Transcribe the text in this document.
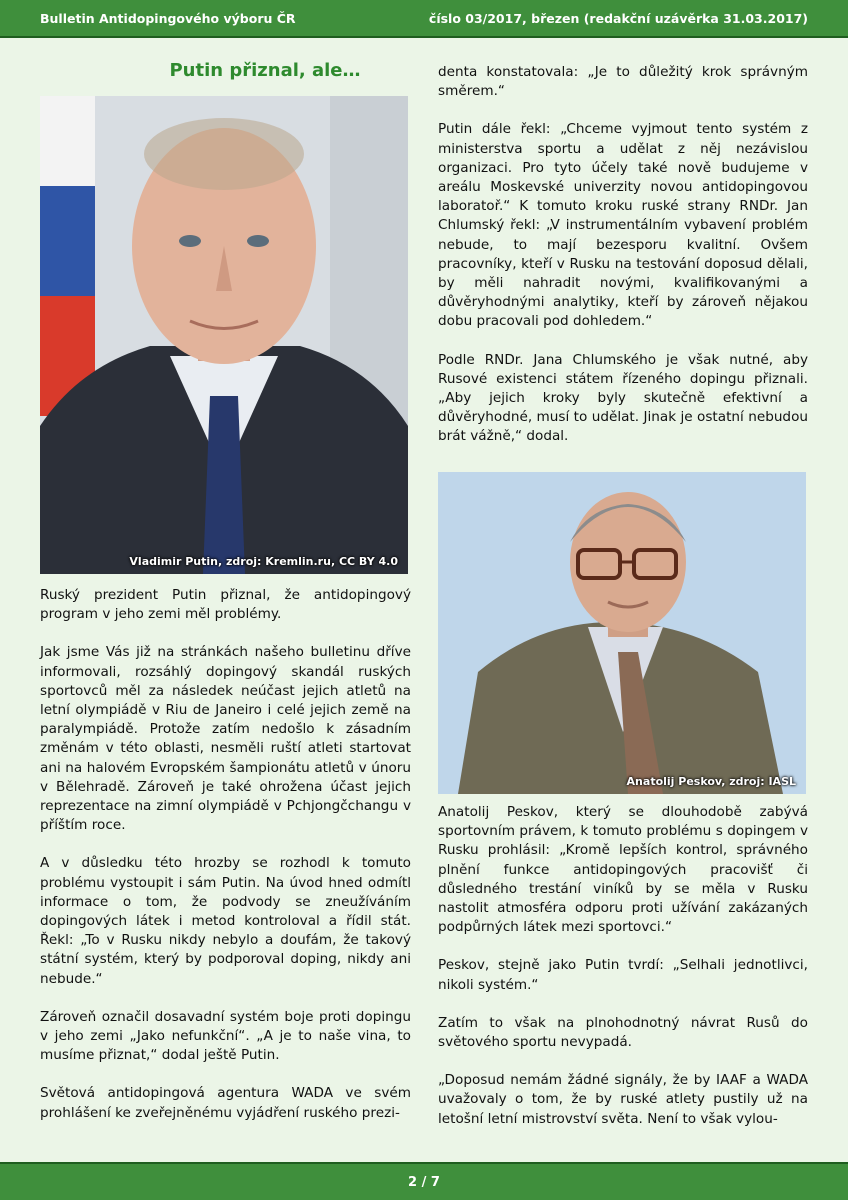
Bulletin Antidopingového výboru ČR	číslo 03/2017, březen (redakční uzávěrka 31.03.2017)
Putin přiznal, ale…
Vladimir Putin, zdroj: Kremlin.ru, CC BY 4.0

Ruský prezident Putin přiznal, že antidopingový program v jeho zemi měl problémy.

Jak jsme Vás již na stránkách našeho bulletinu dříve informovali, rozsáhlý dopingový skandál ruských sportovců měl za následek neúčast jejich atletů na letní olympiádě v Riu de Janeiro i celé jejich země na paralympiádě. Protože zatím nedošlo k zásadním změnám v této oblasti, nesměli ruští atleti startovat ani na halovém Evropském šampionátu atletů v únoru v Bělehradě. Zároveň je také ohrožena účast jejich reprezentace na zimní olympiádě v Pchjongčchangu v příštím roce.

A v důsledku této hrozby se rozhodl k tomuto problému vystoupit i sám Putin. Na úvod hned odmítl informace o tom, že podvody se zneužíváním dopingových látek i metod kontroloval a řídil stát. Řekl: „To v Rusku nikdy nebylo a doufám, že takový státní systém, který by podporoval doping, nikdy ani nebude.“

Zároveň označil dosavadní systém boje proti dopingu v jeho zemi „Jako nefunkční“. „A je to naše vina, to musíme přiznat,“ dodal ještě Putin.

Světová antidopingová agentura WADA ve svém prohlášení ke zveřejněnému vyjádření ruského prezi-

denta konstatovala: „Je to důležitý krok správným směrem.“

Putin dále řekl: „Chceme vyjmout tento systém z ministerstva sportu a udělat z něj nezávislou organizaci. Pro tyto účely také nově budujeme v areálu Moskevské univerzity novou antidopingovou laboratoř.“ K tomuto kroku ruské strany RNDr. Jan Chlumský řekl: „V instrumentálním vybavení problém nebude, to mají bezesporu kvalitní. Ovšem pracovníky, kteří v Rusku na testování doposud dělali, by měli nahradit novými, kvalifikovanými a důvěryhodnými analytiky, kteří by zároveň nějakou dobu pracovali pod dohledem.“

Podle RNDr. Jana Chlumského je však nutné, aby Rusové existenci státem řízeného dopingu přiznali. „Aby jejich kroky byly skutečně efektivní a důvěryhodné, musí to udělat. Jinak je ostatní nebudou brát vážně,“ dodal.

Anatolij Peskov, zdroj: IASL

Anatolij Peskov, který se dlouhodobě zabývá sportovním právem, k tomuto problému s dopingem v Rusku prohlásil: „Kromě lepších kontrol, správného plnění funkce antidopingových pracovišť či důsledného trestání viníků by se měla v Rusku nastolit atmosféra odporu proti užívání zakázaných podpůrných látek mezi sportovci.“

Peskov, stejně jako Putin tvrdí: „Selhali jednotlivci, nikoli systém.“

Zatím to však na plnohodnotný návrat Rusů do světového sportu nevypadá.

„Doposud nemám žádné signály, že by IAAF a WADA uvažovaly o tom, že by ruské atlety pustily už na letošní letní mistrovství světa. Není to však vylou-

2 / 7
